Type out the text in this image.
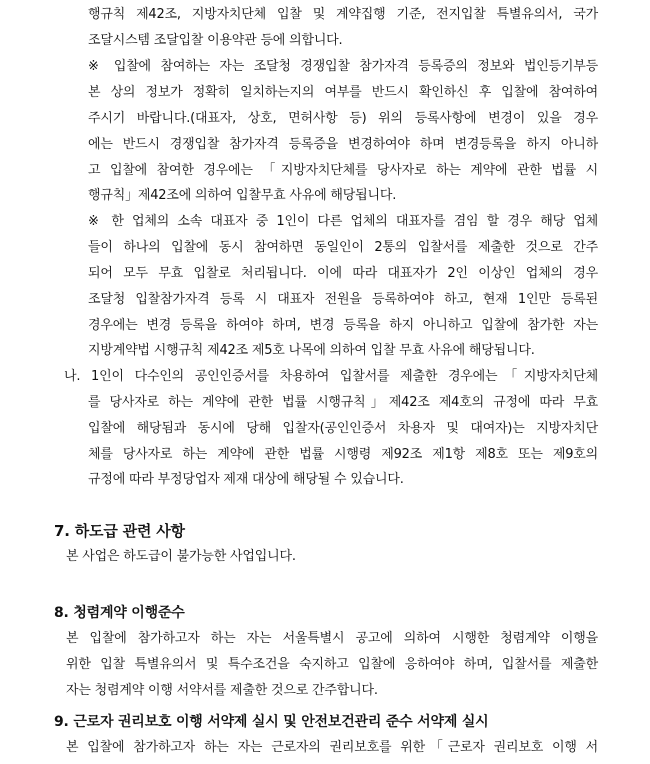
행규칙 제42조, 지방자치단체 입찰 및 계약집행 기준, 전지입찰 특별유의서, 국가
조달시스템 조달입찰 이용약관 등에 의합니다.
※ 입찰에 참여하는 자는 조달청 경쟁입찰 참가자격 등록증의 정보와 법인등기부등
본 상의 정보가 정확히 일치하는지의 여부를 반드시 확인하신 후 입찰에 참여하여
주시기 바랍니다.(대표자, 상호, 면허사항 등) 위의 등록사항에 변경이 있을 경우
에는 반드시 경쟁입찰 참가자격 등록증을 변경하여야 하며 변경등록을 하지 아니하
고 입찰에 참여한 경우에는 「지방자치단체를 당사자로 하는 계약에 관한 법률 시
행규칙」제42조에 의하여 입찰무효 사유에 해당됩니다.
※ 한 업체의 소속 대표자 중 1인이 다른 업체의 대표자를 겸임 할 경우 해당 업체
들이 하나의 입찰에 동시 참여하면 동일인이 2통의 입찰서를 제출한 것으로 간주
되어 모두 무효 입찰로 처리됩니다. 이에 따라 대표자가 2인 이상인 업체의 경우
조달청 입찰참가자격 등록 시 대표자 전원을 등록하여야 하고, 현재 1인만 등록된
경우에는 변경 등록을 하여야 하며, 변경 등록을 하지 아니하고 입찰에 참가한 자는
지방계약법 시행규칙 제42조 제5호 나목에 의하여 입찰 무효 사유에 해당됩니다.
나. 1인이 다수인의 공인인증서를 차용하여 입찰서를 제출한 경우에는「지방자치단체
를 당사자로 하는 계약에 관한 법률 시행규칙」제42조 제4호의 규정에 따라 무효
입찰에 해당됨과 동시에 당해 입찰자(공인인증서 차용자 및 대여자)는 지방자치단
체를 당사자로 하는 계약에 관한 법률 시행령 제92조 제1항 제8호 또는 제9호의
규정에 따라 부정당업자 제재 대상에 해당될 수 있습니다.
7. 하도급 관련 사항
본 사업은 하도급이 불가능한 사업입니다.
8. 청렴계약 이행준수
본 입찰에 참가하고자 하는 자는 서울특별시 공고에 의하여 시행한 청렴계약 이행을
위한 입찰 특별유의서 및 특수조건을 숙지하고 입찰에 응하여야 하며, 입찰서를 제출한
자는 청렴계약 이행 서약서를 제출한 것으로 간주합니다.
9. 근로자 권리보호 이행 서약제 실시 및 안전보건관리 준수 서약제 실시
본 입찰에 참가하고자 하는 자는 근로자의 권리보호를 위한「근로자 권리보호 이행 서
